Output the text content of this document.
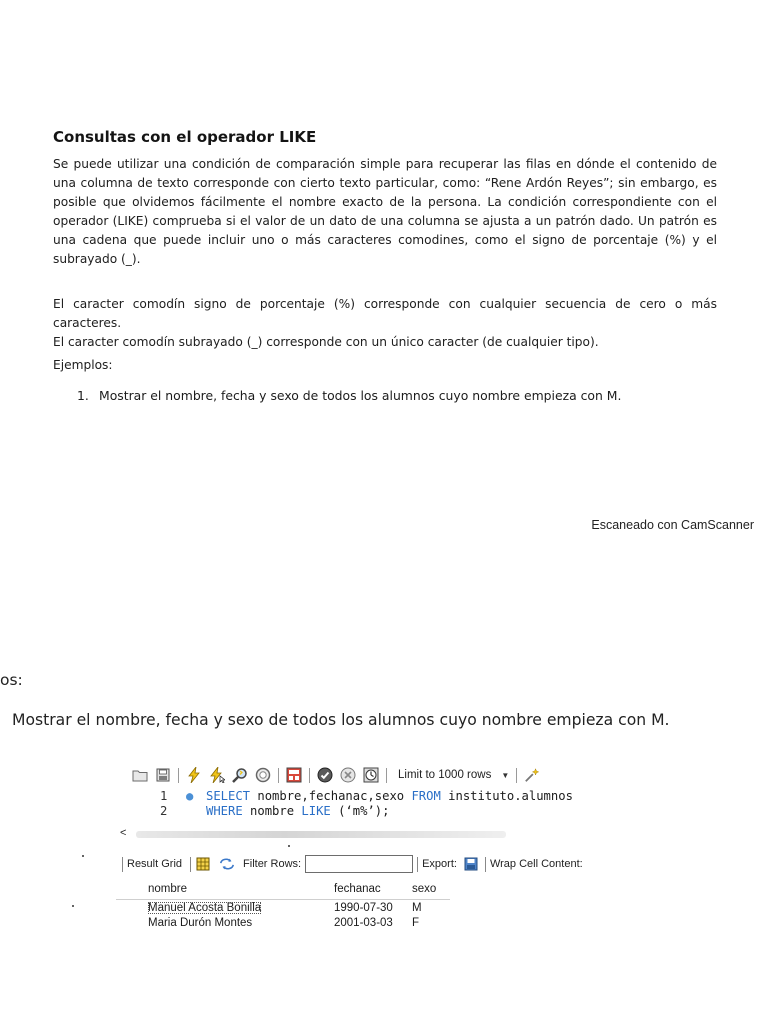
Consultas con el operador LIKE

Se puede utilizar una condición de comparación simple para recuperar las filas en dónde el contenido de una columna de texto corresponde con cierto texto particular, como: “Rene Ardón Reyes”; sin embargo, es posible que olvidemos fácilmente el nombre exacto de la persona. La condición correspondiente con el operador (LIKE) comprueba si el valor de un dato de una columna se ajusta a un patrón dado. Un patrón es una cadena que puede incluir uno o más caracteres comodines, como el signo de porcentaje (%) y el subrayado (_).

El caracter comodín signo de porcentaje (%) corresponde con cualquier secuencia de cero o más caracteres.
El caracter comodín subrayado (_) corresponde con un único caracter (de cualquier tipo).

Ejemplos:

1. Mostrar el nombre, fecha y sexo de todos los alumnos cuyo nombre empieza con M.

Escaneado con CamScanner

os:

Mostrar el nombre, fecha y sexo de todos los alumnos cuyo nombre empieza con M.

Limit to 1000 rows ▼
1 ● SELECT nombre,fechanac,sexo FROM instituto.alumnos
2	WHERE nombre LIKE (‘m%’);
<
Result Grid	Filter Rows:	Export:	Wrap Cell Content:
nombre	fechanac	sexo
Manuel Acosta Bonilla	1990-07-30	M
Maria Durón Montes	2001-03-03	F
